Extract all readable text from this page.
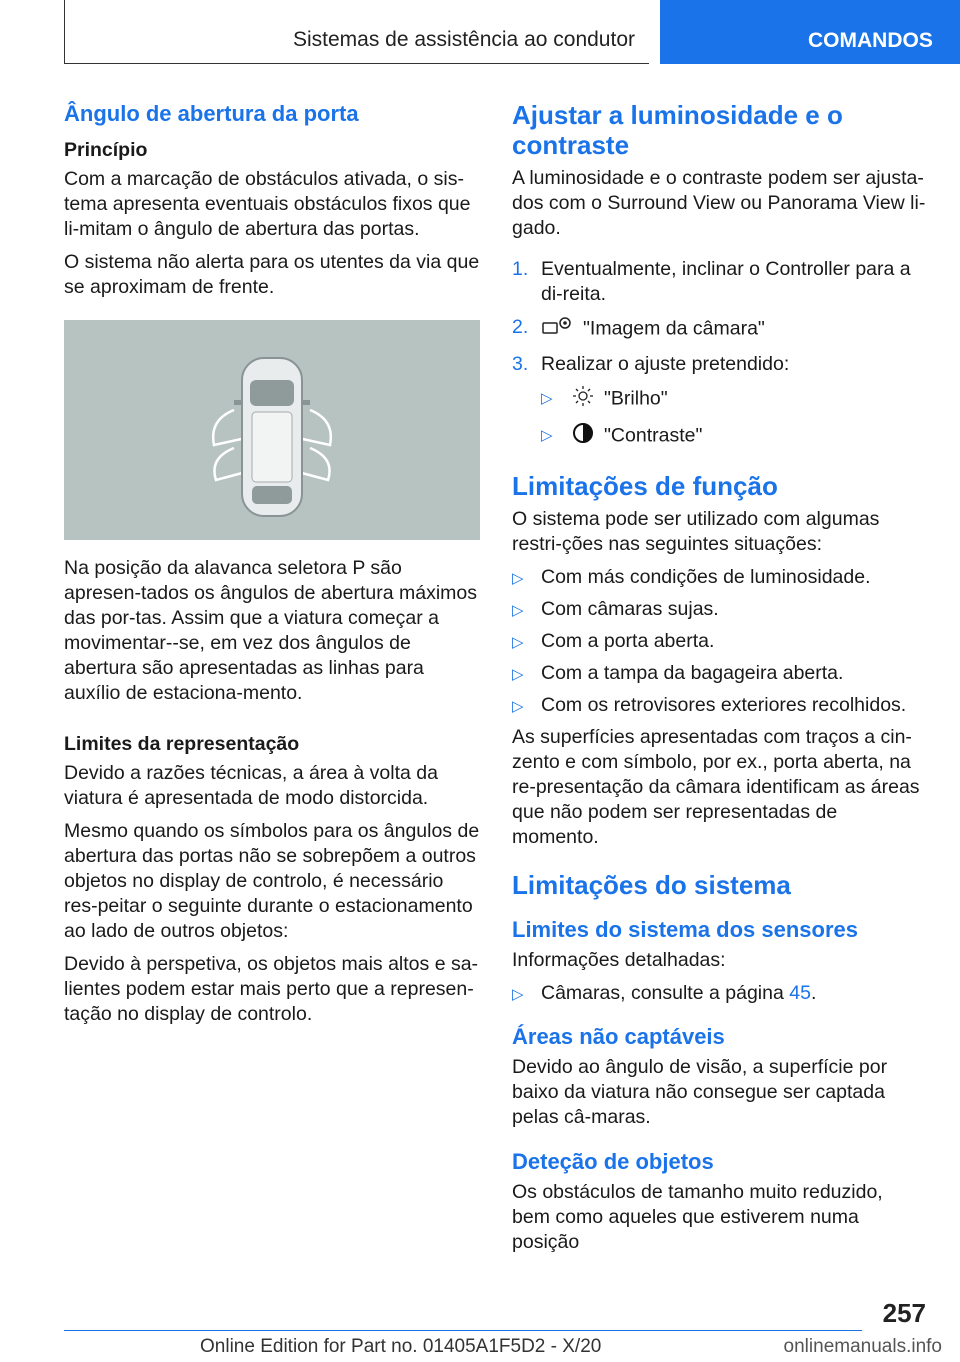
Sistemas de assistência ao condutor	COMANDOS
Ângulo de abertura da porta
Princípio

Com a marcação de obstáculos ativada, o sis-tema apresenta eventuais obstáculos fixos que li-mitam o ângulo de abertura das portas.

O sistema não alerta para os utentes da via que se aproximam de frente.

Na posição da alavanca seletora P são apresen-tados os ângulos de abertura máximos das por-tas. Assim que a viatura começar a movimentar--se, em vez dos ângulos de abertura são apresentadas as linhas para auxílio de estaciona-mento.

Limites da representação

Devido a razões técnicas, a área à volta da viatura é apresentada de modo distorcida.

Mesmo quando os símbolos para os ângulos de abertura das portas não se sobrepõem a outros objetos no display de controlo, é necessário res-peitar o seguinte durante o estacionamento ao lado de outros objetos:

Devido à perspetiva, os objetos mais altos e sa-lientes podem estar mais perto que a represen-tação no display de controlo.

Ajustar a luminosidade e o contraste

A luminosidade e o contraste podem ser ajusta-dos com o Surround View ou Panorama View li-gado.

1. Eventualmente, inclinar o Controller para a di-reita.
2.	"Imagem da câmara"
3. Realizar o ajuste pretendido:
▷	"Brilho"
▷	"Contraste"
Limitações de função

O sistema pode ser utilizado com algumas restri-ções nas seguintes situações:

▷ Com más condições de luminosidade.
▷ Com câmaras sujas.
▷ Com a porta aberta.
▷ Com a tampa da bagageira aberta.
▷ Com os retrovisores exteriores recolhidos.

As superfícies apresentadas com traços a cin-zento e com símbolo, por ex., porta aberta, na re-presentação da câmara identificam as áreas que não podem ser representadas de momento.

Limitações do sistema
Limites do sistema dos sensores

Informações detalhadas:

▷ Câmaras, consulte a página 45.
Áreas não captáveis

Devido ao ângulo de visão, a superfície por baixo da viatura não consegue ser captada pelas câ-maras.

Deteção de objetos

Os obstáculos de tamanho muito reduzido, bem como aqueles que estiverem numa posição

257
Online Edition for Part no. 01405A1F5D2 - X/20	onlinemanuals.info
